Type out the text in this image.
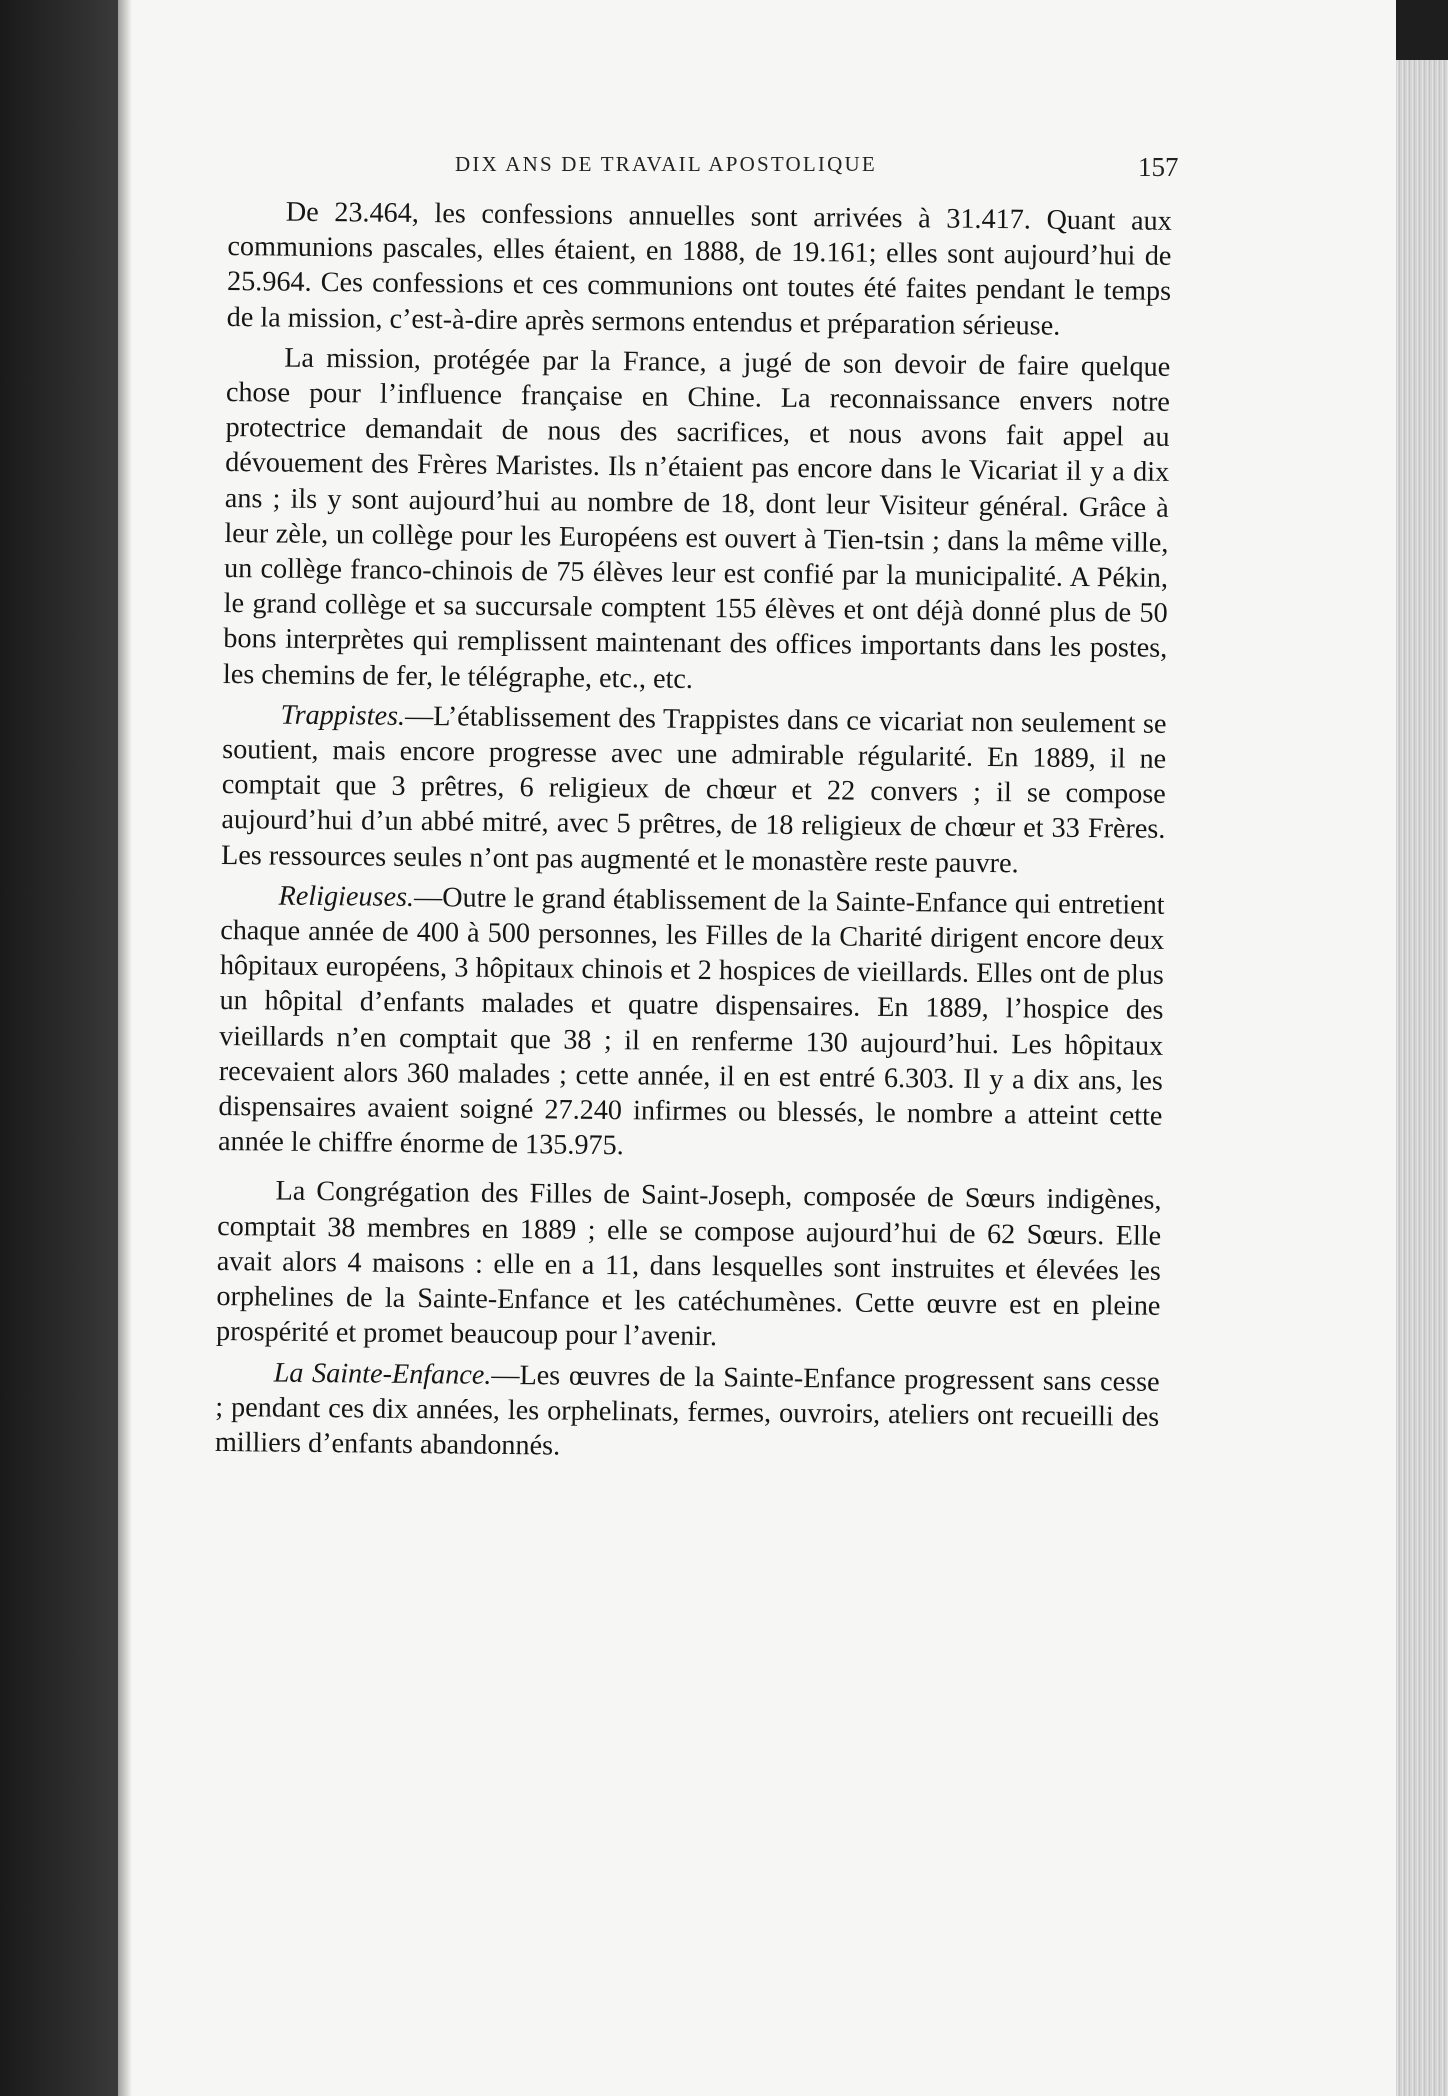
DIX ANS DE TRAVAIL APOSTOLIQUE	157

De 23.464, les confessions annuelles sont arrivées à 31.417. Quant aux communions pascales, elles étaient, en 1888, de 19.161; elles sont aujourd’hui de 25.964. Ces confessions et ces communions ont toutes été faites pendant le temps de la mission, c’est-à-dire après sermons entendus et préparation sérieuse.

La mission, protégée par la France, a jugé de son devoir de faire quelque chose pour l’influence française en Chine. La reconnaissance envers notre protectrice demandait de nous des sacrifices, et nous avons fait appel au dévouement des Frères Maristes. Ils n’étaient pas encore dans le Vicariat il y a dix ans ; ils y sont aujourd’hui au nombre de 18, dont leur Visiteur général. Grâce à leur zèle, un collège pour les Européens est ouvert à Tien-tsin ; dans la même ville, un collège franco-chinois de 75 élèves leur est confié par la municipalité. A Pékin, le grand collège et sa succursale comptent 155 élèves et ont déjà donné plus de 50 bons interprètes qui remplissent maintenant des offices importants dans les postes, les chemins de fer, le télégraphe, etc., etc.

Trappistes.—L’établissement des Trappistes dans ce vicariat non seulement se soutient, mais encore progresse avec une admirable régularité. En 1889, il ne comptait que 3 prêtres, 6 religieux de chœur et 22 convers ; il se compose aujourd’hui d’un abbé mitré, avec 5 prêtres, de 18 religieux de chœur et 33 Frères. Les ressources seules n’ont pas augmenté et le monastère reste pauvre.

Religieuses.—Outre le grand établissement de la Sainte-Enfance qui entretient chaque année de 400 à 500 personnes, les Filles de la Charité dirigent encore deux hôpitaux européens, 3 hôpitaux chinois et 2 hospices de vieillards. Elles ont de plus un hôpital d’enfants malades et quatre dispensaires. En 1889, l’hospice des vieillards n’en comptait que 38 ; il en renferme 130 aujourd’hui. Les hôpitaux recevaient alors 360 malades ; cette année, il en est entré 6.303. Il y a dix ans, les dispensaires avaient soigné 27.240 infirmes ou blessés, le nombre a atteint cette année le chiffre énorme de 135.975.

La Congrégation des Filles de Saint-Joseph, composée de Sœurs indigènes, comptait 38 membres en 1889 ; elle se compose aujourd’hui de 62 Sœurs. Elle avait alors 4 maisons : elle en a 11, dans lesquelles sont instruites et élevées les orphelines de la Sainte-Enfance et les catéchumènes. Cette œuvre est en pleine prospérité et promet beaucoup pour l’avenir.

La Sainte-Enfance.—Les œuvres de la Sainte-Enfance progressent sans cesse ; pendant ces dix années, les orphelinats, fermes, ouvroirs, ateliers ont recueilli des milliers d’enfants abandonnés.
